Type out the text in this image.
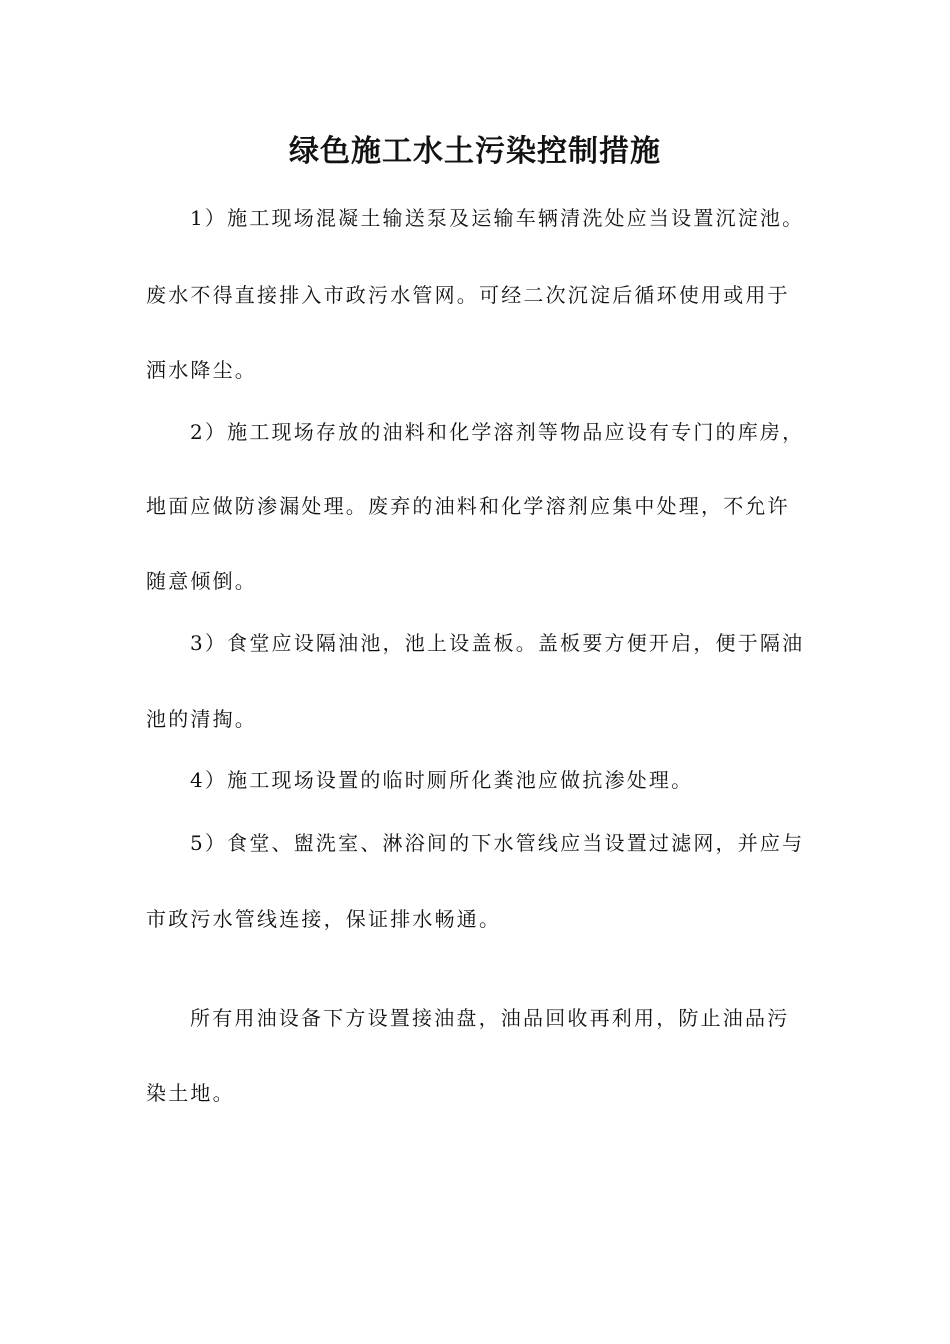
绿色施工水土污染控制措施
1）施工现场混凝土输送泵及运输车辆清洗处应当设置沉淀池。
废水不得直接排入市政污水管网。可经二次沉淀后循环使用或用于
洒水降尘。
2）施工现场存放的油料和化学溶剂等物品应设有专门的库房，
地面应做防渗漏处理。废弃的油料和化学溶剂应集中处理，不允许
随意倾倒。
3）食堂应设隔油池，池上设盖板。盖板要方便开启，便于隔油
池的清掏。
4）施工现场设置的临时厕所化粪池应做抗渗处理。
5）食堂、盥洗室、淋浴间的下水管线应当设置过滤网，并应与
市政污水管线连接，保证排水畅通。
所有用油设备下方设置接油盘，油品回收再利用，防止油品污
染土地。
